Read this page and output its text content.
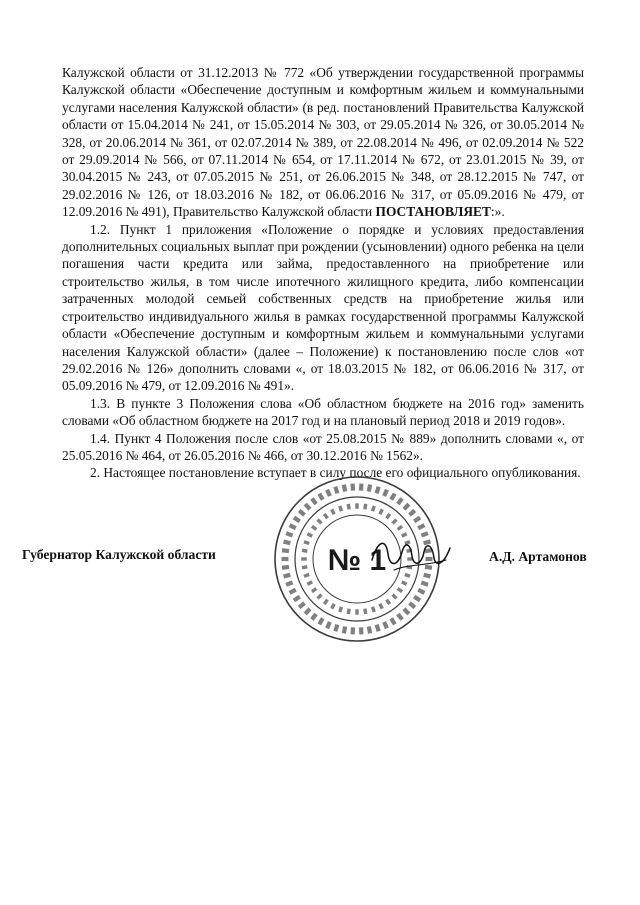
Калужской области от 31.12.2013 № 772 «Об утверждении государственной программы Калужской области «Обеспечение доступным и комфортным жильем и коммунальными услугами населения Калужской области» (в ред. постановлений Правительства Калужской области от 15.04.2014 № 241, от 15.05.2014 № 303, от 29.05.2014 № 326, от 30.05.2014 № 328, от 20.06.2014 № 361, от 02.07.2014 № 389, от 22.08.2014 № 496, от 02.09.2014 № 522 от 29.09.2014 № 566, от 07.11.2014 № 654, от 17.11.2014 № 672, от 23.01.2015 № 39, от 30.04.2015 № 243, от 07.05.2015 № 251, от 26.06.2015 № 348, от 28.12.2015 № 747, от 29.02.2016 № 126, от 18.03.2016 № 182, от 06.06.2016 № 317, от 05.09.2016 № 479, от 12.09.2016 № 491), Правительство Калужской области ПОСТАНОВЛЯЕТ:».

1.2. Пункт 1 приложения «Положение о порядке и условиях предоставления дополнительных социальных выплат при рождении (усыновлении) одного ребенка на цели погашения части кредита или займа, предоставленного на приобретение или строительство жилья, в том числе ипотечного жилищного кредита, либо компенсации затраченных молодой семьей собственных средств на приобретение жилья или строительство индивидуального жилья в рамках государственной программы Калужской области «Обеспечение доступным и комфортным жильем и коммунальными услугами населения Калужской области» (далее – Положение) к постановлению после слов «от 29.02.2016 № 126» дополнить словами «, от 18.03.2015 № 182, от 06.06.2016 № 317, от 05.09.2016 № 479, от 12.09.2016 № 491».

1.3. В пункте 3 Положения слова «Об областном бюджете на 2016 год» заменить словами «Об областном бюджете на 2017 год и на плановый период 2018 и 2019 годов».

1.4. Пункт 4 Положения после слов «от 25.08.2015 № 889» дополнить словами «, от 25.05.2016 № 464, от 26.05.2016 № 466, от 30.12.2016 № 1562».

2. Настоящее постановление вступает в силу после его официального опубликования.

№ 1
Губернатор Калужской области	А.Д. Артамонов
